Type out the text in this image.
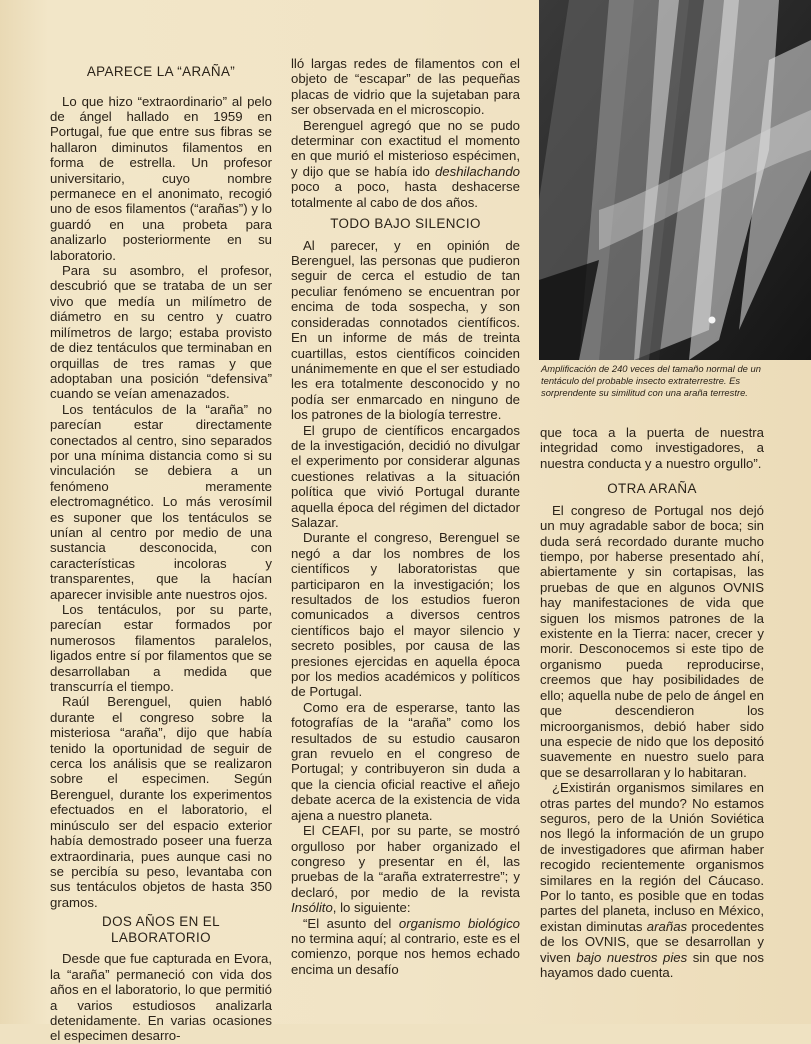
Amplificación de 240 veces del tamaño normal de un tentáculo del probable insecto extraterrestre. Es sorprendente su similitud con una araña terrestre.

APARECE LA “ARAÑA”

Lo que hizo “extraordinario” al pelo de ángel hallado en 1959 en Portugal, fue que entre sus fibras se hallaron diminutos filamentos en forma de estrella. Un profesor universitario, cuyo nombre permanece en el anonimato, recogió uno de esos filamentos (“arañas”) y lo guardó en una probeta para analizarlo posteriormente en su laboratorio.

Para su asombro, el profesor, descubrió que se trataba de un ser vivo que medía un milímetro de diámetro en su centro y cuatro milímetros de largo; estaba provisto de diez tentáculos que terminaban en orquillas de tres ramas y que adoptaban una posición “defensiva” cuando se veían amenazados.

Los tentáculos de la “araña” no parecían estar directamente conectados al centro, sino separados por una mínima distancia como si su vinculación se debiera a un fenómeno meramente electromagnético. Lo más verosímil es suponer que los tentáculos se unían al centro por medio de una sustancia desconocida, con características incoloras y transparentes, que la hacían aparecer invisible ante nuestros ojos.

Los tentáculos, por su parte, parecían estar formados por numerosos filamentos paralelos, ligados entre sí por filamentos que se desarrollaban a medida que transcurría el tiempo.

Raúl Berenguel, quien habló durante el congreso sobre la misteriosa “araña”, dijo que había tenido la oportunidad de seguir de cerca los análisis que se realizaron sobre el especimen. Según Berenguel, durante los experimentos efectuados en el laboratorio, el minúsculo ser del espacio exterior había demostrado poseer una fuerza extraordinaria, pues aunque casi no se percibía su peso, levantaba con sus tentáculos objetos de hasta 350 gramos.

DOS AÑOS EN EL
LABORATORIO

Desde que fue capturada en Evora, la “araña” permaneció con vida dos años en el laboratorio, lo que permitió a varios estudiosos analizarla detenidamente. En varias ocasiones el especimen desarro-

lló largas redes de filamentos con el objeto de “escapar” de las pequeñas placas de vidrio que la sujetaban para ser observada en el microscopio.

Berenguel agregó que no se pudo determinar con exactitud el momento en que murió el misterioso espécimen, y dijo que se había ido deshilachando poco a poco, hasta deshacerse totalmente al cabo de dos años.

TODO BAJO SILENCIO

Al parecer, y en opinión de Berenguel, las personas que pudieron seguir de cerca el estudio de tan peculiar fenómeno se encuentran por encima de toda sospecha, y son consideradas connotados científicos. En un informe de más de treinta cuartillas, estos científicos coinciden unánimemente en que el ser estudiado les era totalmente desconocido y no podía ser enmarcado en ninguno de los patrones de la biología terrestre.

El grupo de científicos encargados de la investigación, decidió no divulgar el experimento por considerar algunas cuestiones relativas a la situación política que vivió Portugal durante aquella época del régimen del dictador Salazar.

Durante el congreso, Berenguel se negó a dar los nombres de los científicos y laboratoristas que participaron en la investigación; los resultados de los estudios fueron comunicados a diversos centros científicos bajo el mayor silencio y secreto posibles, por causa de las presiones ejercidas en aquella época por los medios académicos y políticos de Portugal.

Como era de esperarse, tanto las fotografías de la “araña” como los resultados de su estudio causaron gran revuelo en el congreso de Portugal; y contribuyeron sin duda a que la ciencia oficial reactive el añejo debate acerca de la existencia de vida ajena a nuestro planeta.

El CEAFI, por su parte, se mostró orgulloso por haber organizado el congreso y presentar en él, las pruebas de la “araña extraterrestre”; y declaró, por medio de la revista Insólito, lo siguiente:

“El asunto del organismo biológico no termina aquí; al contrario, este es el comienzo, porque nos hemos echado encima un desafío

que toca a la puerta de nuestra integridad como investigadores, a nuestra conducta y a nuestro orgullo”.

OTRA ARAÑA

El congreso de Portugal nos dejó un muy agradable sabor de boca; sin duda será recordado durante mucho tiempo, por haberse presentado ahí, abiertamente y sin cortapisas, las pruebas de que en algunos OVNIS hay manifestaciones de vida que siguen los mismos patrones de la existente en la Tierra: nacer, crecer y morir. Desconocemos si este tipo de organismo pueda reproducirse, creemos que hay posibilidades de ello; aquella nube de pelo de ángel en que descendieron los microorganismos, debió haber sido una especie de nido que los depositó suavemente en nuestro suelo para que se desarrollaran y lo habitaran.

¿Existirán organismos similares en otras partes del mundo? No estamos seguros, pero de la Unión Soviética nos llegó la información de un grupo de investigadores que afirman haber recogido recientemente organismos similares en la región del Cáucaso. Por lo tanto, es posible que en todas partes del planeta, incluso en México, existan diminutas arañas procedentes de los OVNIS, que se desarrollan y viven bajo nuestros pies sin que nos hayamos dado cuenta.
